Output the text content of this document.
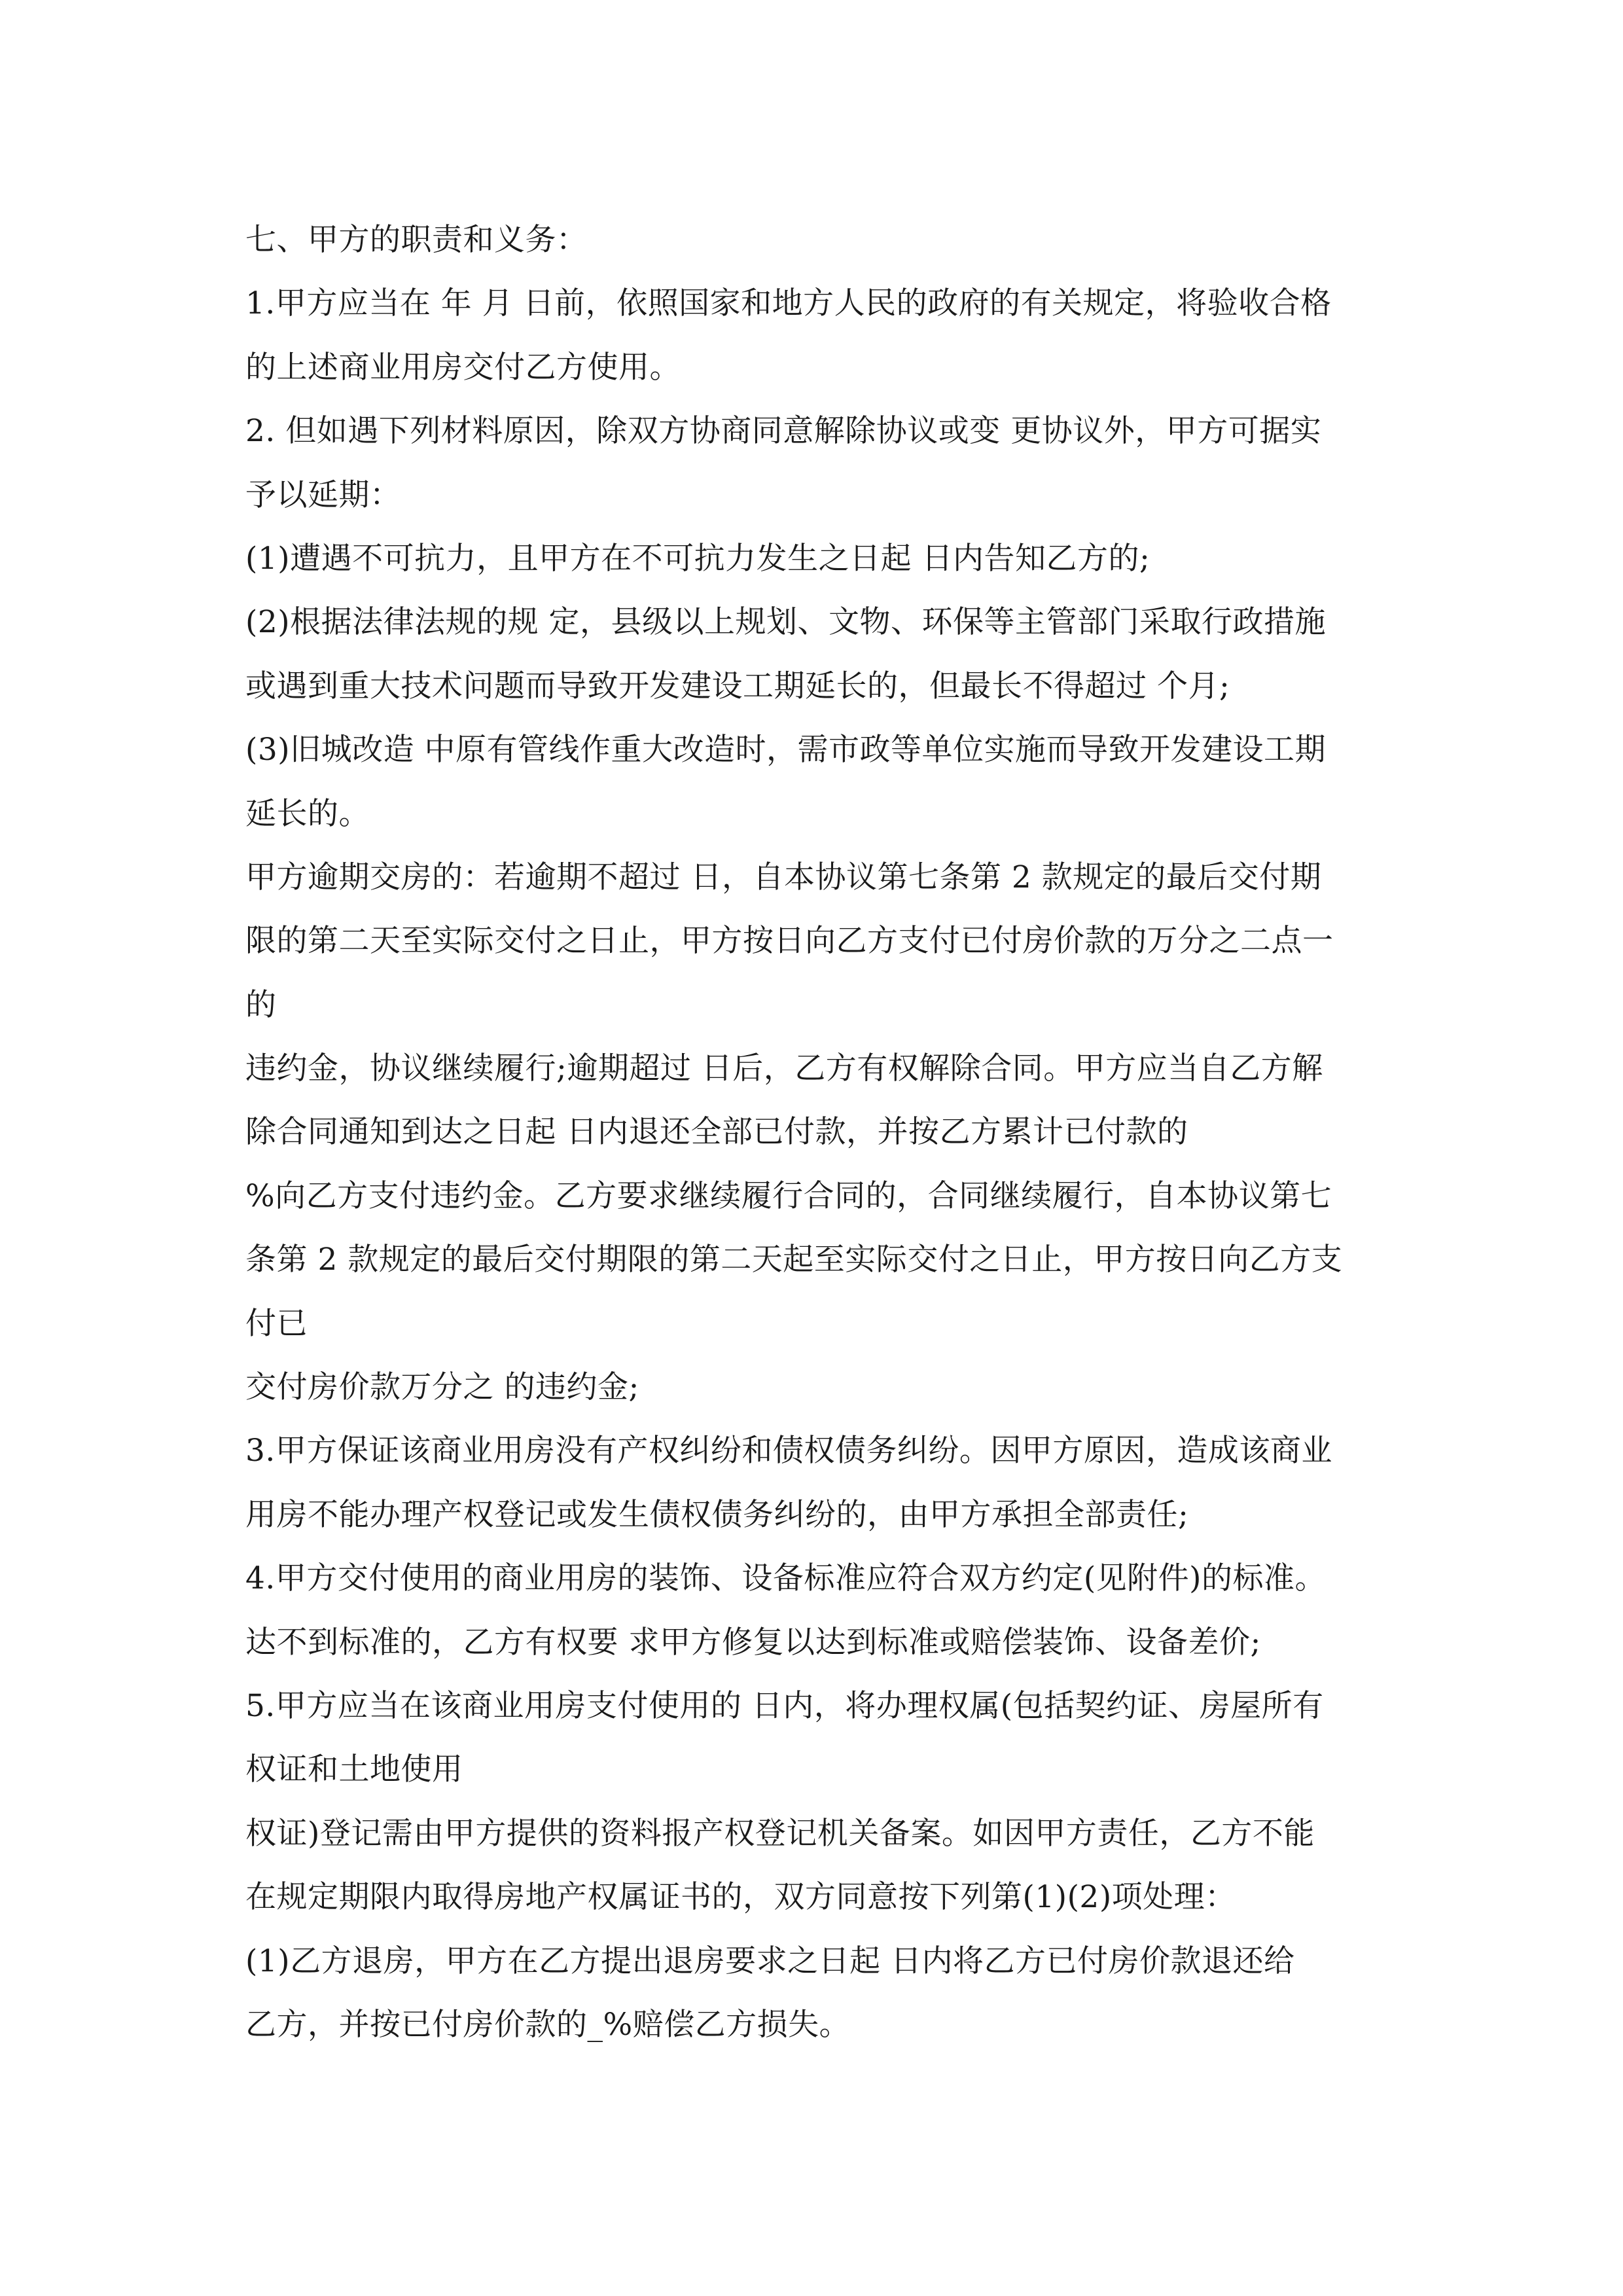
七、甲方的职责和义务：

1.甲方应当在 年 月 日前，依照国家和地方人民的政府的有关规定，将验收合格

的上述商业用房交付乙方使用。

2. 但如遇下列材料原因，除双方协商同意解除协议或变 更协议外，甲方可据实

予以延期：

(1)遭遇不可抗力，且甲方在不可抗力发生之日起 日内告知乙方的;

(2)根据法律法规的规 定，县级以上规划、文物、环保等主管部门采取行政措施

或遇到重大技术问题而导致开发建设工期延长的，但最长不得超过 个月;

(3)旧城改造 中原有管线作重大改造时，需市政等单位实施而导致开发建设工期

延长的。

甲方逾期交房的：若逾期不超过 日，自本协议第七条第 2 款规定的最后交付期

限的第二天至实际交付之日止，甲方按日向乙方支付已付房价款的万分之二点一

的

违约金，协议继续履行;逾期超过 日后，乙方有权解除合同。甲方应当自乙方解

除合同通知到达之日起 日内退还全部已付款，并按乙方累计已付款的

%向乙方支付违约金。乙方要求继续履行合同的，合同继续履行，自本协议第七

条第 2 款规定的最后交付期限的第二天起至实际交付之日止，甲方按日向乙方支

付已

交付房价款万分之 的违约金;

3.甲方保证该商业用房没有产权纠纷和债权债务纠纷。因甲方原因，造成该商业

用房不能办理产权登记或发生债权债务纠纷的，由甲方承担全部责任;

4.甲方交付使用的商业用房的装饰、设备标准应符合双方约定(见附件)的标准。

达不到标准的，乙方有权要 求甲方修复以达到标准或赔偿装饰、设备差价;

5.甲方应当在该商业用房支付使用的 日内，将办理权属(包括契约证、房屋所有

权证和土地使用

权证)登记需由甲方提供的资料报产权登记机关备案。如因甲方责任，乙方不能

在规定期限内取得房地产权属证书的，双方同意按下列第(1)(2)项处理：

(1)乙方退房，甲方在乙方提出退房要求之日起 日内将乙方已付房价款退还给

乙方，并按已付房价款的_%赔偿乙方损失。
